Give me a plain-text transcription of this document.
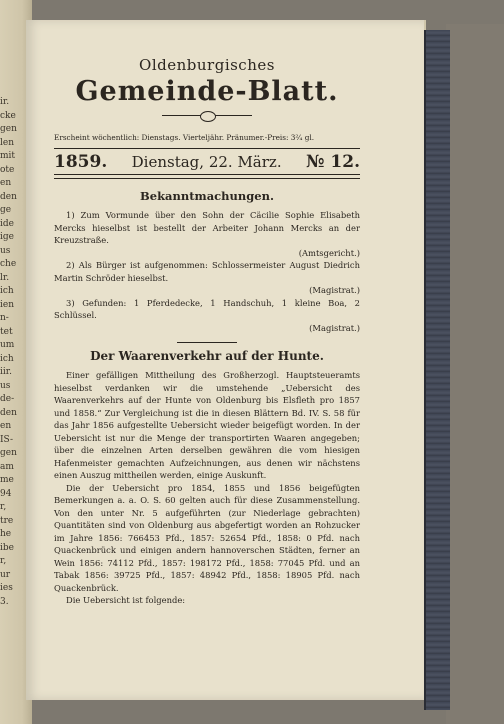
ir.
cke
gen
len
mit
ote
en
den
ge
ide
ige
us
che
lr.
ich
ien
n-
tet
um
ich
iir.
us
de-
den
en
IS-
gen
am
me
94
r,
tre
he
ibe
r,
ur
ies
3.
Oldenburgisches
Gemeinde-Blatt.
Erscheint wöchentlich: Dienstags. Vierteljähr. Pränumer.-Preis: 3²⁄₄ gl.
1859. Dienstag, 22. März. № 12.
Bekanntmachungen.
1) Zum Vormunde über den Sohn der Cäcilie Sophie Elisabeth Mercks hieselbst ist bestellt der Arbeiter Johann Mercks an der Kreuzstraße.
(Amtsgericht.)
2) Als Bürger ist aufgenommen: Schlossermeister August Diedrich Martin Schröder hieselbst.
(Magistrat.)
3) Gefunden: 1 Pferdedecke, 1 Handschuh, 1 kleine Boa, 2 Schlüssel.
(Magistrat.)
Der Waarenverkehr auf der Hunte.
Einer gefälligen Mittheilung des Großherzogl. Hauptsteueramts hieselbst verdanken wir die umstehende „Uebersicht des Waarenverkehrs auf der Hunte von Oldenburg bis Elsfleth pro 1857 und 1858.“ Zur Vergleichung ist die in diesen Blättern Bd. IV. S. 58 für das Jahr 1856 aufgestellte Uebersicht wieder beigefügt worden. In der Uebersicht ist nur die Menge der transportirten Waaren angegeben; über die einzelnen Arten derselben gewähren die vom hiesigen Hafenmeister gemachten Aufzeichnungen, aus denen wir nächstens einen Auszug mittheilen werden, einige Auskunft.
Die der Uebersicht pro 1854, 1855 und 1856 beigefügten Bemerkungen a. a. O. S. 60 gelten auch für diese Zusammenstellung. Von den unter Nr. 5 aufgeführten (zur Niederlage gebrachten) Quantitäten sind von Oldenburg aus abgefertigt worden an Rohzucker im Jahre 1856: 766453 Pfd., 1857: 52654 Pfd., 1858: 0 Pfd. nach Quackenbrück und einigen andern hannoverschen Städten, ferner an Wein 1856: 74112 Pfd., 1857: 198172 Pfd., 1858: 77045 Pfd. und an Tabak 1856: 39725 Pfd., 1857: 48942 Pfd., 1858: 18905 Pfd. nach Quackenbrück.
Die Uebersicht ist folgende:
